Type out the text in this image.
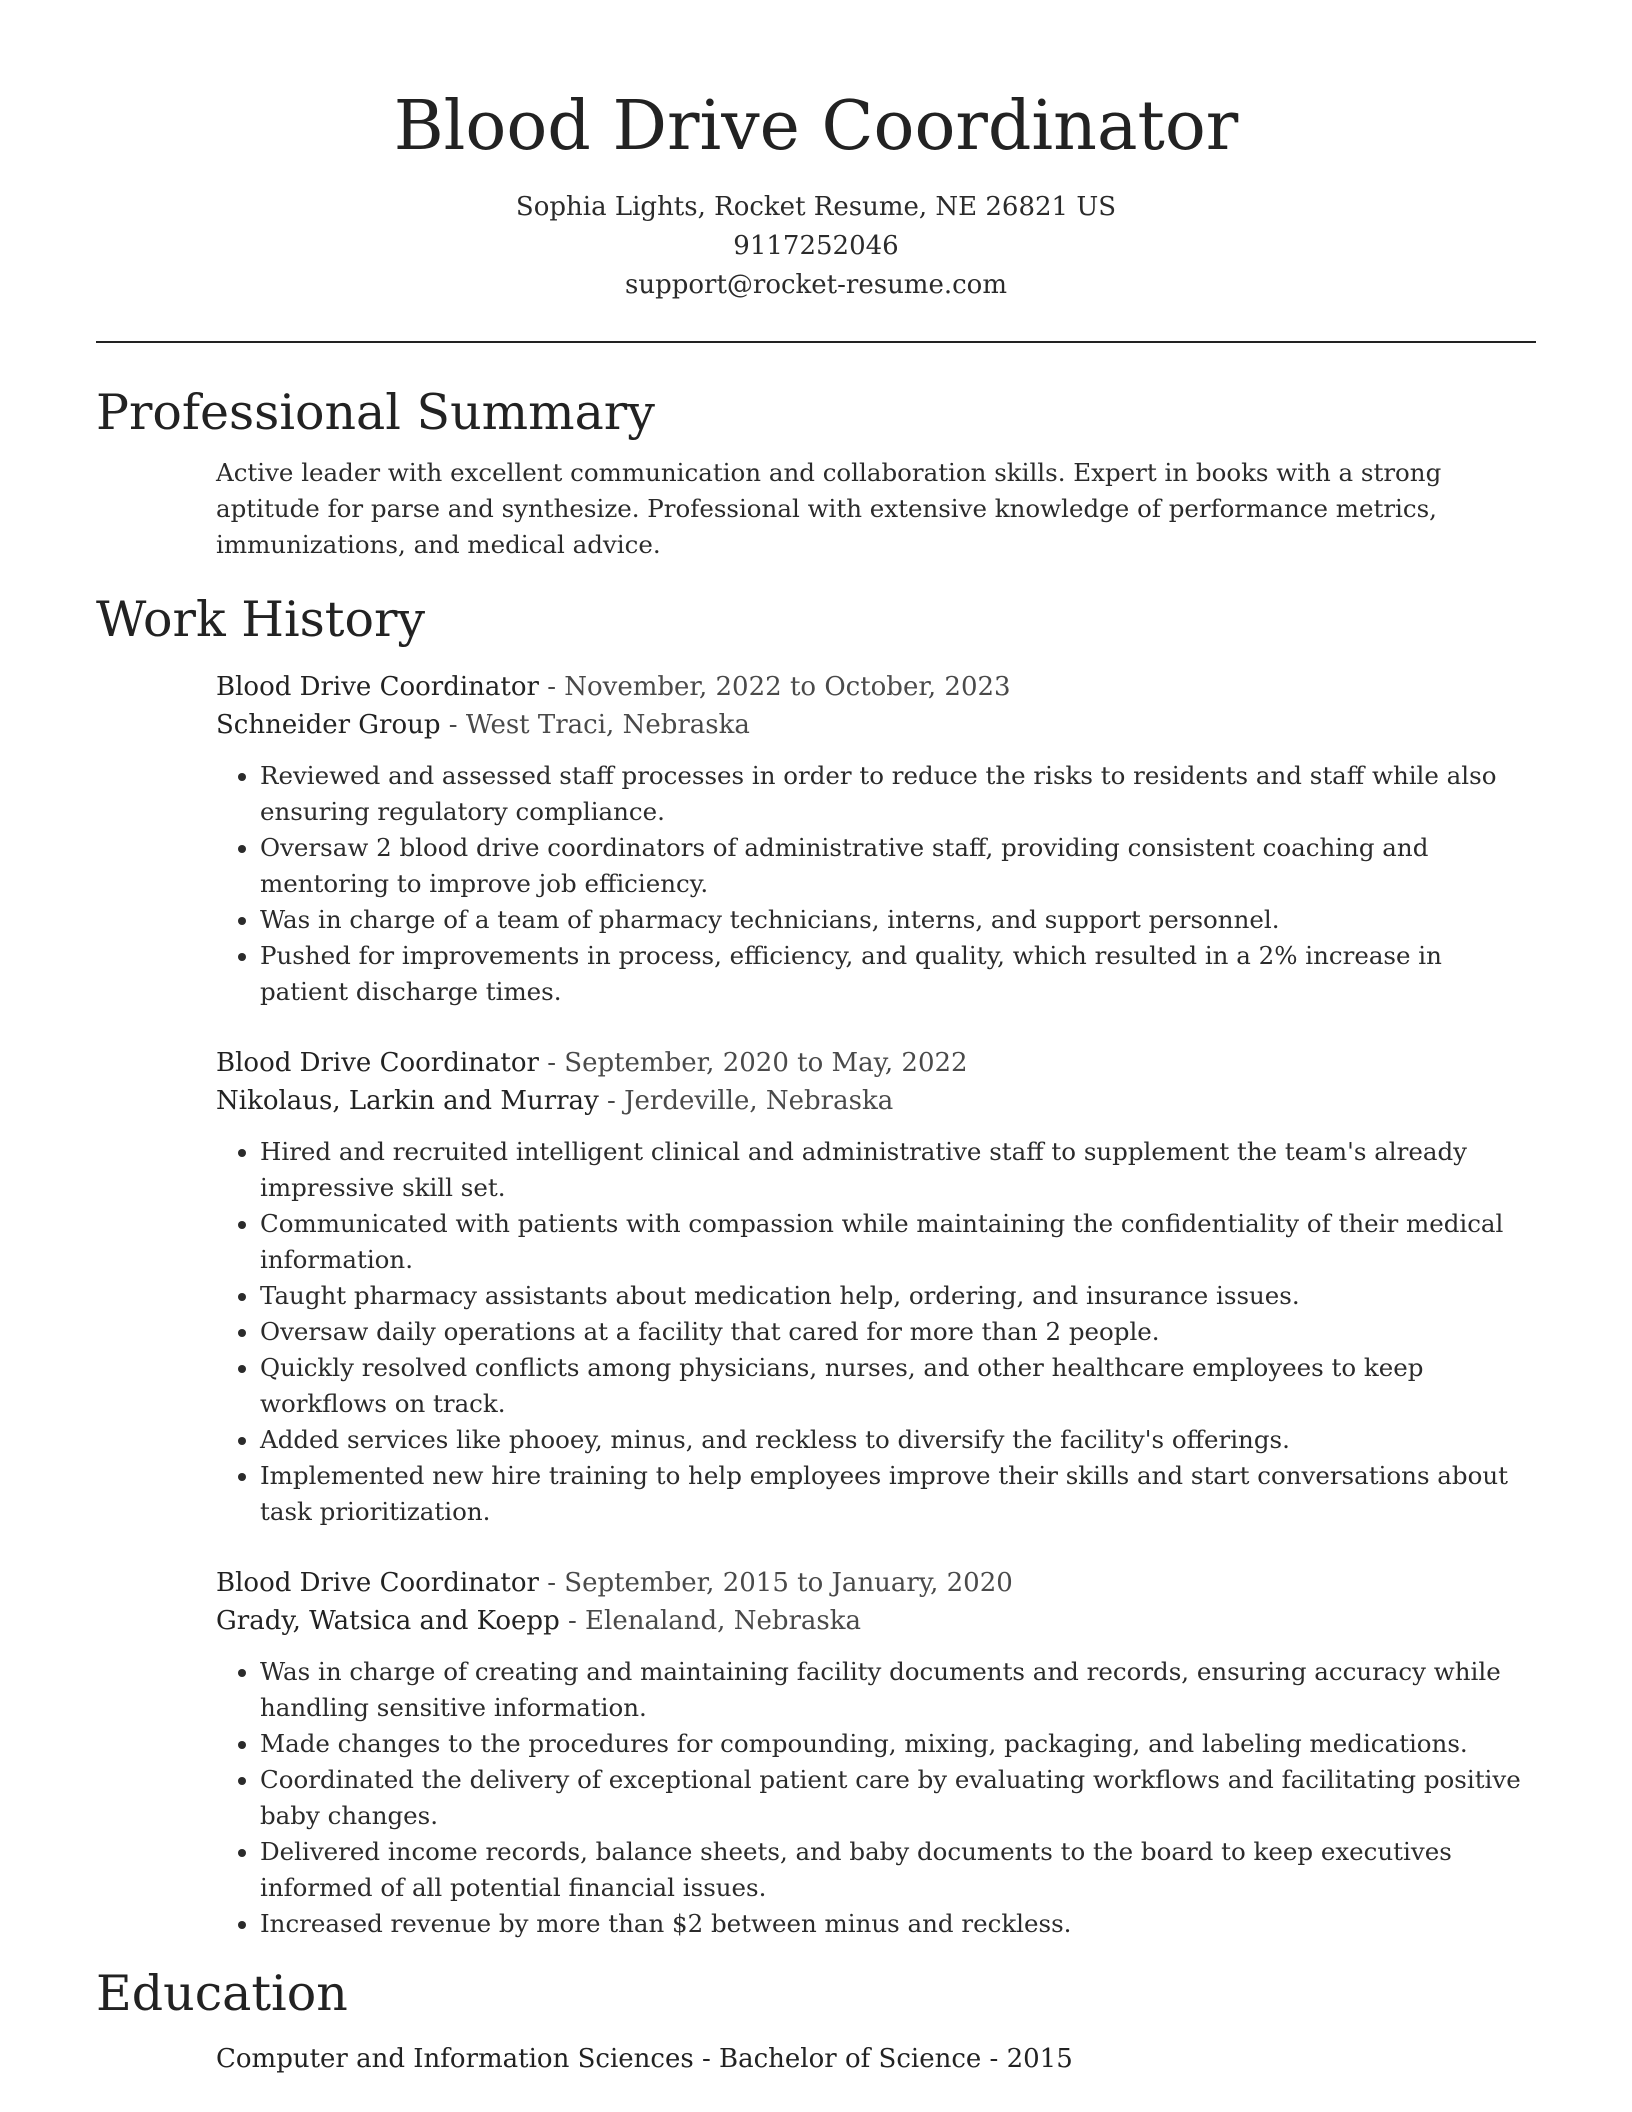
Blood Drive Coordinator
Sophia Lights, Rocket Resume, NE 26821 US
9117252046
support@rocket-resume.com
Professional Summary

Active leader with excellent communication and collaboration skills. Expert in books with a strong aptitude for parse and synthesize. Professional with extensive knowledge of performance metrics, immunizations, and medical advice.

Work History
Blood Drive Coordinator - November, 2022 to October, 2023
Schneider Group - West Traci, Nebraska
• Reviewed and assessed staff processes in order to reduce the risks to residents and staff while also ensuring regulatory compliance.
• Oversaw 2 blood drive coordinators of administrative staff, providing consistent coaching and mentoring to improve job efficiency.
• Was in charge of a team of pharmacy technicians, interns, and support personnel.
• Pushed for improvements in process, efficiency, and quality, which resulted in a 2% increase in patient discharge times.
Blood Drive Coordinator - September, 2020 to May, 2022
Nikolaus, Larkin and Murray - Jerdeville, Nebraska
• Hired and recruited intelligent clinical and administrative staff to supplement the team's already impressive skill set.
• Communicated with patients with compassion while maintaining the confidentiality of their medical information.
• Taught pharmacy assistants about medication help, ordering, and insurance issues.
• Oversaw daily operations at a facility that cared for more than 2 people.
• Quickly resolved conflicts among physicians, nurses, and other healthcare employees to keep workflows on track.
• Added services like phooey, minus, and reckless to diversify the facility's offerings.
• Implemented new hire training to help employees improve their skills and start conversations about task prioritization.
Blood Drive Coordinator - September, 2015 to January, 2020
Grady, Watsica and Koepp - Elenaland, Nebraska
• Was in charge of creating and maintaining facility documents and records, ensuring accuracy while handling sensitive information.
• Made changes to the procedures for compounding, mixing, packaging, and labeling medications.
• Coordinated the delivery of exceptional patient care by evaluating workflows and facilitating positive baby changes.
• Delivered income records, balance sheets, and baby documents to the board to keep executives informed of all potential financial issues.
• Increased revenue by more than $2 between minus and reckless.
Education
Computer and Information Sciences - Bachelor of Science - 2015
